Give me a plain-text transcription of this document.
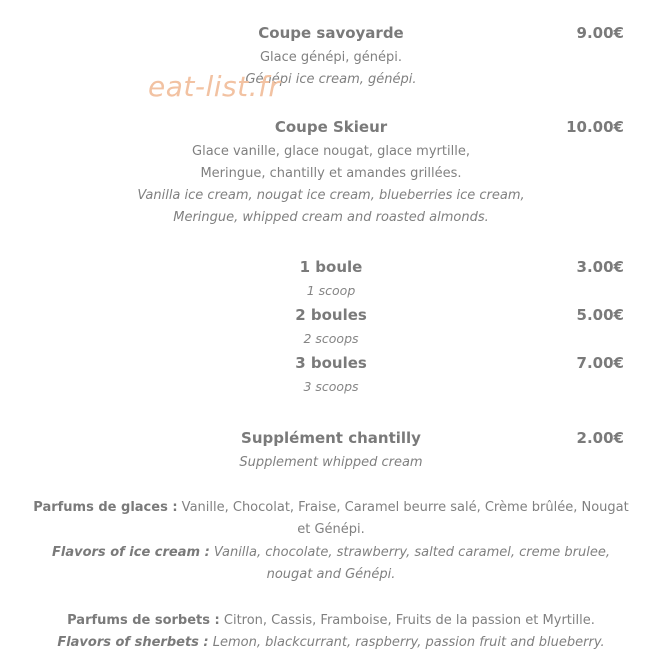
Coupe savoyarde	9.00€
Glace génépi, génépi.
Génépi ice cream, génépi.
eat-list.fr
Coupe Skieur	10.00€
Glace vanille, glace nougat, glace myrtille,
Meringue, chantilly et amandes grillées.
Vanilla ice cream, nougat ice cream, blueberries ice cream,
Meringue, whipped cream and roasted almonds.
1 boule	3.00€
1 scoop
2 boules	5.00€
2 scoops
3 boules	7.00€
3 scoops
Supplément chantilly	2.00€
Supplement whipped cream
Parfums de glaces : Vanille, Chocolat, Fraise, Caramel beurre salé, Crème brûlée, Nougat
et Génépi.
Flavors of ice cream : Vanilla, chocolate, strawberry, salted caramel, creme brulee,
nougat and Génépi.
Parfums de sorbets : Citron, Cassis, Framboise, Fruits de la passion et Myrtille.
Flavors of sherbets : Lemon, blackcurrant, raspberry, passion fruit and blueberry.
